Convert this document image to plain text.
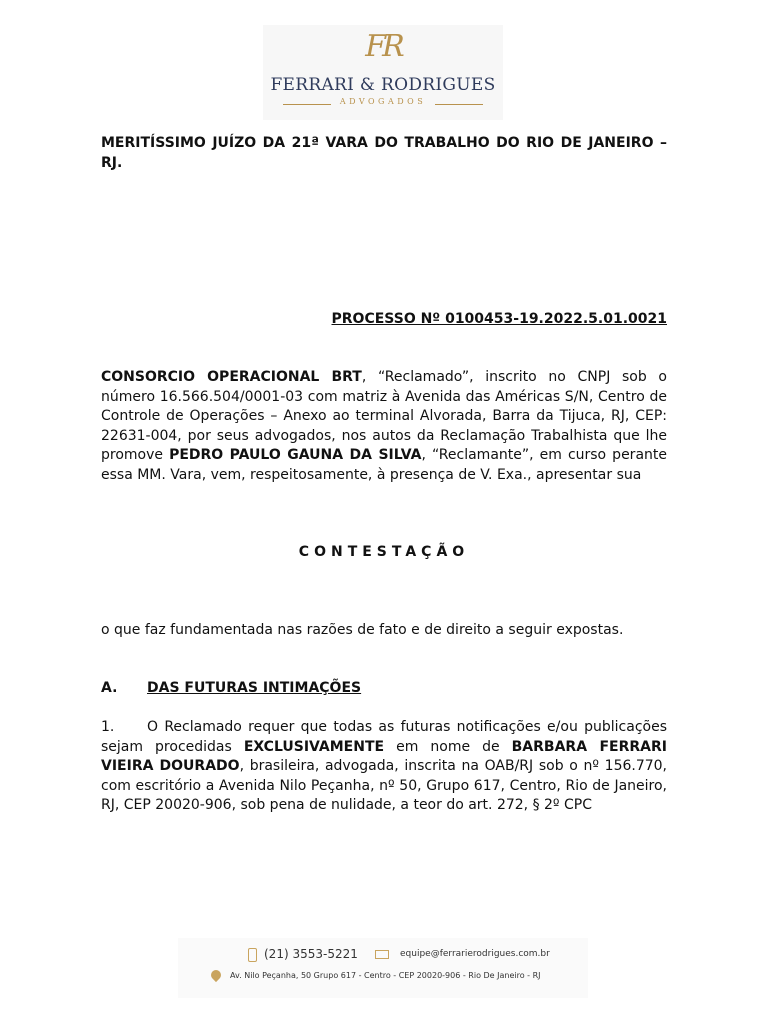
FR
FERRARI & RODRIGUES
ADVOGADOS
MERITÍSSIMO JUÍZO DA 21ª VARA DO TRABALHO DO RIO DE JANEIRO – RJ.
PROCESSO Nº 0100453-19.2022.5.01.0021
CONSORCIO OPERACIONAL BRT, “Reclamado”, inscrito no CNPJ sob o número 16.566.504/0001-03 com matriz à Avenida das Américas S/N, Centro de Controle de Operações – Anexo ao terminal Alvorada, Barra da Tijuca, RJ, CEP: 22631-004, por seus advogados, nos autos da Reclamação Trabalhista que lhe promove PEDRO PAULO GAUNA DA SILVA, “Reclamante”, em curso perante essa MM. Vara, vem, respeitosamente, à presença de V. Exa., apresentar sua
CONTESTAÇÃO
o que faz fundamentada nas razões de fato e de direito a seguir expostas.
A. DAS FUTURAS INTIMAÇÕES
1. O Reclamado requer que todas as futuras notificações e/ou publicações sejam procedidas EXCLUSIVAMENTE em nome de BARBARA FERRARI VIEIRA DOURADO, brasileira, advogada, inscrita na OAB/RJ sob o nº 156.770, com escritório a Avenida Nilo Peçanha, nº 50, Grupo 617, Centro, Rio de Janeiro, RJ, CEP 20020-906, sob pena de nulidade, a teor do art. 272, § 2º CPC
(21) 3553-5221	equipe@ferrarierodrigues.com.br
Av. Nilo Peçanha, 50 Grupo 617 - Centro - CEP 20020-906 - Rio De Janeiro - RJ
